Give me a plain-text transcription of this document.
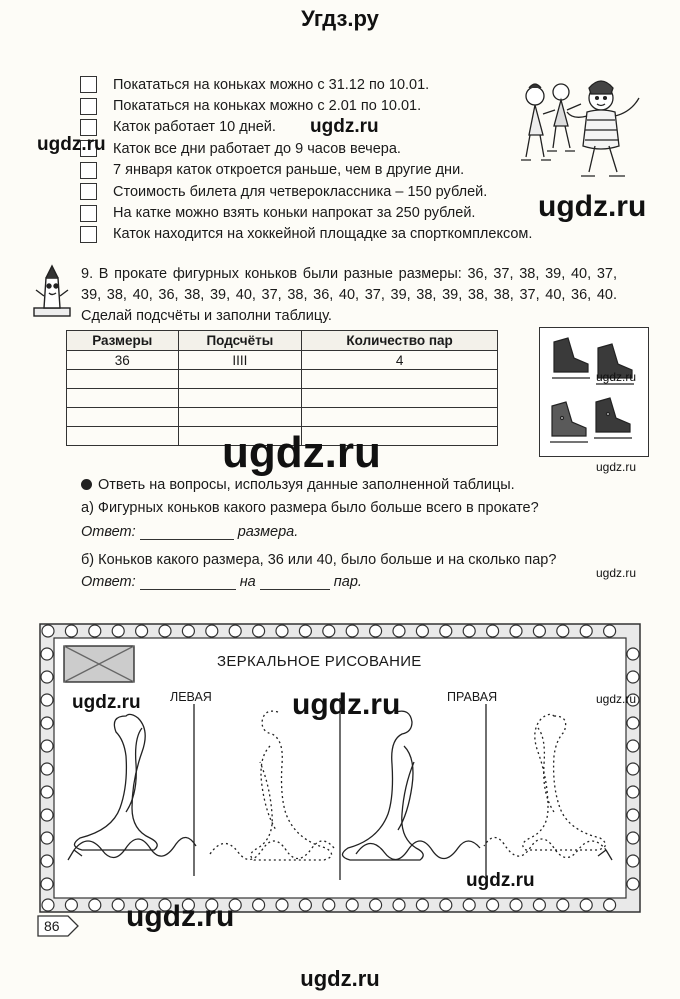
Угдз.ру
Покататься на коньках можно с 31.12 по 10.01.
Покататься на коньках можно с 2.01 по 10.01.
Каток работает 10 дней.
Каток все дни работает до 9 часов вечера.
7 января каток откроется раньше, чем в другие дни.
Стоимость билета для четвероклассника – 150 рублей.
На катке можно взять коньки напрокат за 250 рублей.
Каток находится на хоккейной площадке за спорткомплексом.
9. В прокате фигурных коньков были разные размеры: 36, 37, 38, 39, 40, 37, 39, 38, 40, 36, 38, 39, 40, 37, 38, 36, 40, 37, 39, 38, 39, 38, 38, 37, 40, 36, 40. Сделай подсчёты и заполни таблицу.
Размеры	Подсчёты	Количество пар
36	IIII	4

Ответь на вопросы, используя данные заполненной таблицы.
а) Фигурных коньков какого размера было больше всего в прокате?
Ответ:	размера.
б) Коньков какого размера, 36 или 40, было больше и на сколько пар?
Ответ:	на	пар.
ЗЕРКАЛЬНОЕ РИСОВАНИЕ
ЛЕВАЯ	ПРАВАЯ
86
ugdz.ru
ugdz.ru
ugdz.ru
ugdz.ru
ugdz.ru	ugdz.ru
ugdz.ru
ugdz.ru	ugdz.ru	ugdz.ru
ugdz.ru
ugdz.ru
ugdz.ru
